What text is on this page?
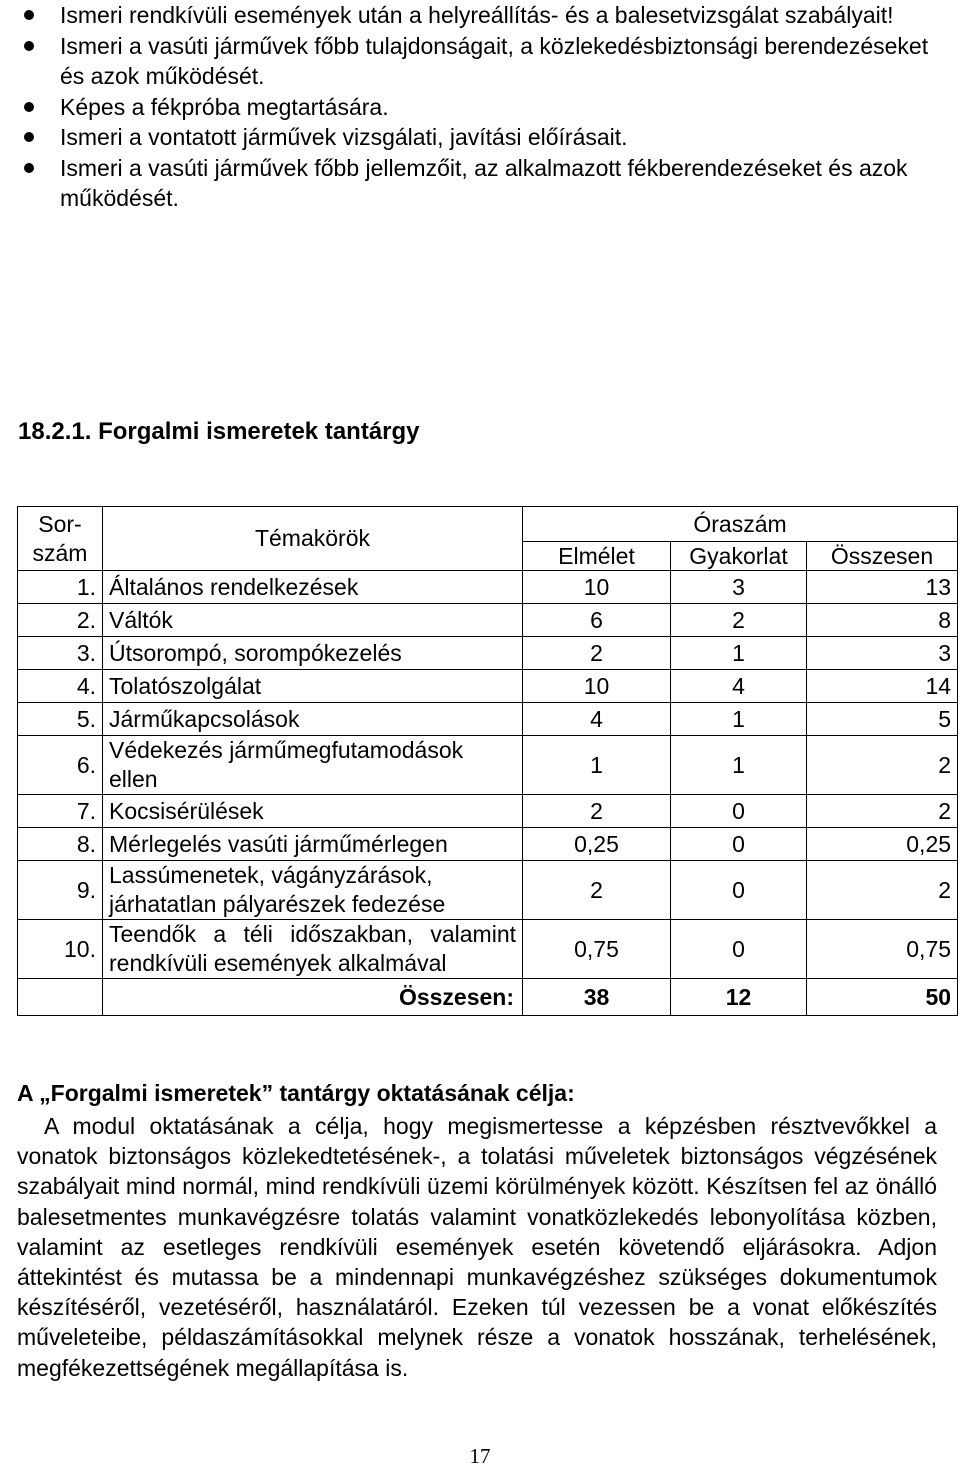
Ismeri rendkívüli események után a helyreállítás- és a balesetvizsgálat szabályait!
Ismeri a vasúti járművek főbb tulajdonságait, a közlekedésbiztonsági berendezéseket és azok működését.
Képes a fékpróba megtartására.
Ismeri a vontatott járművek vizsgálati, javítási előírásait.
Ismeri a vasúti járművek főbb jellemzőit, az alkalmazott fékberendezéseket és azok működését.
18.2.1. Forgalmi ismeretek tantárgy
Sor-
szám	Témakörök	Óraszám		
		Elmélet	Gyakorlat	Összesen
1.	Általános rendelkezések	10	3	13
2.	Váltók	6	2	8
3.	Útsorompó, sorompókezelés	2	1	3
4.	Tolatószolgálat	10	4	14
5.	Járműkapcsolások	4	1	5
6.	Védekezés járműmegfutamodások ellen	1	1	2
7.	Kocsisérülések	2	0	2
8.	Mérlegelés vasúti járműmérlegen	0,25	0	0,25
9.	Lassúmenetek, vágányzárások, járhatatlan pályarészek fedezése	2	0	2
10.	Teendők a téli időszakban, valamint rendkívüli események alkalmával	0,75	0	0,75
	Összesen:	38	12	50
A „Forgalmi ismeretek” tantárgy oktatásának célja:
A modul oktatásának a célja, hogy megismertesse a képzésben résztvevőkkel a vonatok biztonságos közlekedtetésének-, a tolatási műveletek biztonságos végzésének szabályait mind normál, mind rendkívüli üzemi körülmények között. Készítsen fel az önálló balesetmentes munkavégzésre tolatás valamint vonatközlekedés lebonyolítása közben, valamint az esetleges rendkívüli események esetén követendő eljárásokra. Adjon áttekintést és mutassa be a mindennapi munkavégzéshez szükséges dokumentumok készítéséről, vezetéséről, használatáról. Ezeken túl vezessen be a vonat előkészítés műveleteibe, példaszámításokkal melynek része a vonatok hosszának, terhelésének, megfékezettségének megállapítása is.
17
